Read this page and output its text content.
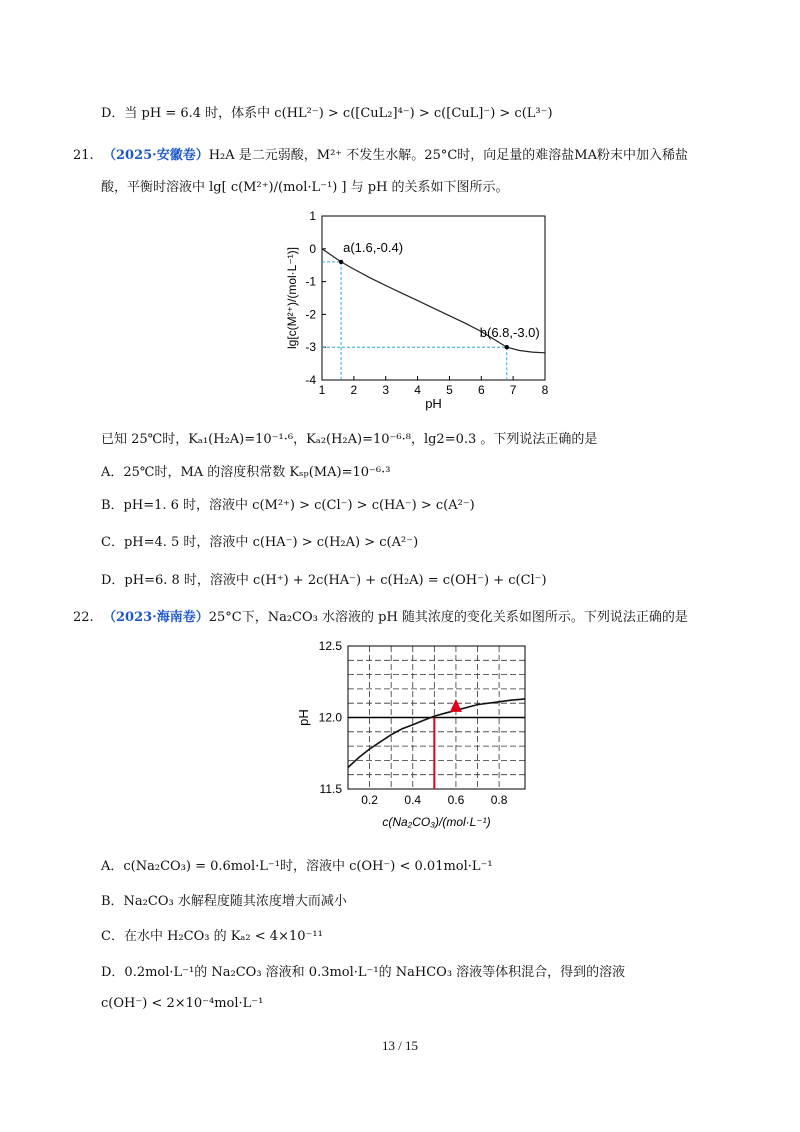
D．当 pH = 6.4 时，体系中 c(HL²⁻) > c([CuL₂]⁴⁻) > c([CuL]⁻) > c(L³⁻)
21. （2025·安徽卷）H₂A 是二元弱酸，M²⁺ 不发生水解。25°C时，向足量的难溶盐MA粉末中加入稀盐
酸，平衡时溶液中 lg[ c(M²⁺)/(mol·L⁻¹) ] 与 pH 的关系如下图所示。
1 2 3 4 5 6 7 8
1
0
-1
-2
-3
-4
pH
lg[c(M²⁺)/(mol·L⁻¹)]	a(1.6,-0.4)
b(6.8,-3.0)
已知 25℃时，Kₐ₁(H₂A)=10⁻¹·⁶，Kₐ₂(H₂A)=10⁻⁶·⁸，lg2=0.3 。下列说法正确的是
A．25℃时，MA 的溶度积常数 Kₛₚ(MA)=10⁻⁶·³
B．pH=1. 6 时，溶液中 c(M²⁺) > c(Cl⁻) > c(HA⁻) > c(A²⁻)
C．pH=4. 5 时，溶液中 c(HA⁻) > c(H₂A) > c(A²⁻)
D．pH=6. 8 时，溶液中 c(H⁺) + 2c(HA⁻) + c(H₂A) = c(OH⁻) + c(Cl⁻)
22. （2023·海南卷）25°C下，Na₂CO₃ 水溶液的 pH 随其浓度的变化关系如图所示。下列说法正确的是
0.2 0.4 0.6 0.8
12.5
12.0
11.5
c(Na₂CO₃)/(mol·L⁻¹)
pH
A．c(Na₂CO₃) = 0.6mol·L⁻¹时，溶液中 c(OH⁻) < 0.01mol·L⁻¹
B．Na₂CO₃ 水解程度随其浓度增大而减小
C．在水中 H₂CO₃ 的 Kₐ₂ < 4×10⁻¹¹
D．0.2mol·L⁻¹的 Na₂CO₃ 溶液和 0.3mol·L⁻¹的 NaHCO₃ 溶液等体积混合，得到的溶液
c(OH⁻) < 2×10⁻⁴mol·L⁻¹
13 / 15
